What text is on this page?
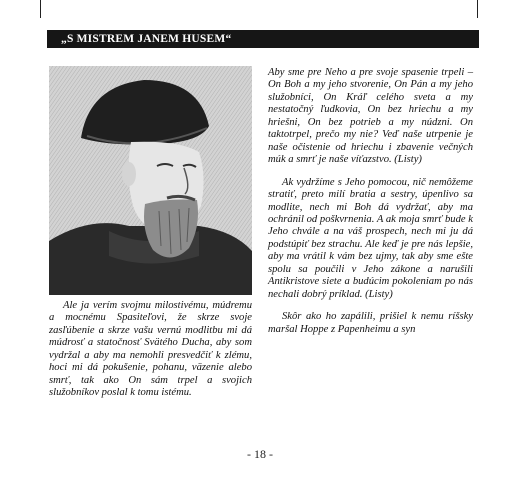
„S MISTREM JANEM HUSEM“

Ale ja verím svojmu milostivému, múdremu a mocnému Spasiteľovi, že skrze svoje zasľúbenie a skrze vašu vernú modlitbu mi dá múdrosť a statočnosť Svätého Ducha, aby som vydržal a aby ma nemohli presvedčiť k zlému, hoci mi dá pokušenie, pohanu, väzenie alebo smrť, tak ako On sám trpel a svojich služobníkov poslal k tomu istému.

Aby sme pre Neho a pre svoje spasenie trpeli – On Boh a my jeho stvorenie, On Pán a my jeho služobníci, On Kráľ celého sveta a my nestatočný ľudkovia, On bez hriechu a my hriešni, On bez potrieb a my núdzni. On taktotrpel, prečo my nie? Veď naše utrpenie je naše očistenie od hriechu i zbavenie večných múk a smrť je naše víťazstvo. (Listy)

Ak vydržíme s Jeho pomocou, nič nemôžeme stratiť, preto milí bratia a sestry, úpenlivo sa modlite, nech mi Boh dá vydržať, aby ma ochránil od poškvrnenia. A ak moja smrť bude k Jeho chvále a na váš prospech, nech mi ju dá podstúpiť bez strachu. Ale keď je pre nás lepšie, aby ma vrátil k vám bez ujmy, tak aby sme ešte spolu sa poučili v Jeho zákone a narušili Antikristove siete a budúcim pokoleniam po nás nechali dobrý príklad. (Listy)

Skôr ako ho zapálili, prišiel k nemu ríšsky maršal Hoppe z Papenheimu a syn

- 18 -
